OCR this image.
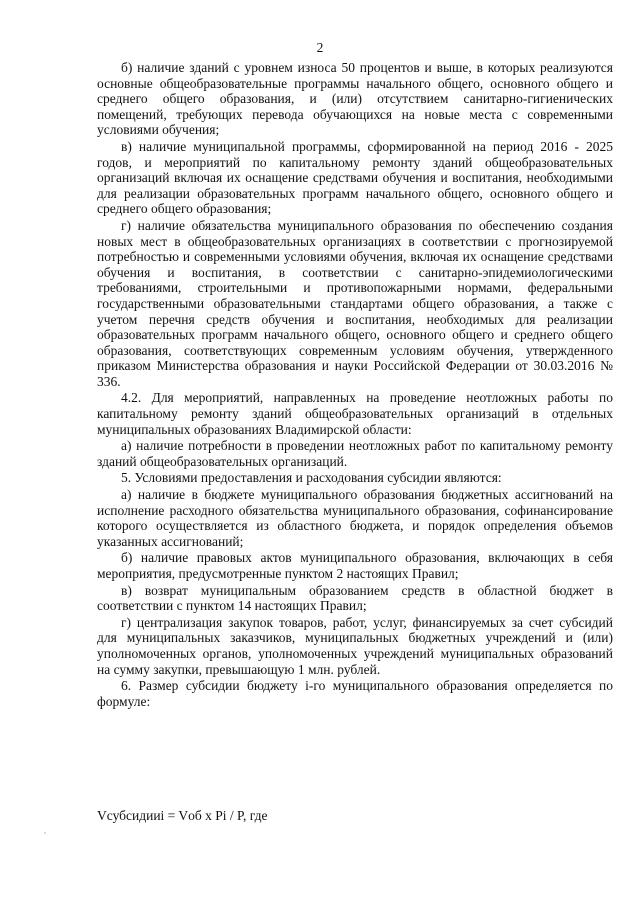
2

б) наличие зданий с уровнем износа 50 процентов и выше, в которых реализуются основные общеобразовательные программы начального общего, основного общего и среднего общего образования, и (или) отсутствием санитарно-гигиенических помещений, требующих перевода обучающихся на новые места с современными условиями обучения;

в) наличие муниципальной программы, сформированной на период 2016 - 2025 годов, и мероприятий по капитальному ремонту зданий общеобразовательных организаций включая их оснащение средствами обучения и воспитания, необходимыми для реализации образовательных программ начального общего, основного общего и среднего общего образования;

г) наличие обязательства муниципального образования по обеспечению создания новых мест в общеобразовательных организациях в соответствии с прогнозируемой потребностью и современными условиями обучения, включая их оснащение средствами обучения и воспитания, в соответствии с санитарно-эпидемиологическими требованиями, строительными и противопожарными нормами, федеральными государственными образовательными стандартами общего образования, а также с учетом перечня средств обучения и воспитания, необходимых для реализации образовательных программ начального общего, основного общего и среднего общего образования, соответствующих современным условиям обучения, утвержденного приказом Министерства образования и науки Российской Федерации от 30.03.2016 № 336.

4.2. Для мероприятий, направленных на проведение неотложных работы по капитальному ремонту зданий общеобразовательных организаций в отдельных муниципальных образованиях Владимирской области:

а) наличие потребности в проведении неотложных работ по капитальному ремонту зданий общеобразовательных организаций.

5. Условиями предоставления и расходования субсидии являются:

а) наличие в бюджете муниципального образования бюджетных ассигнований на исполнение расходного обязательства муниципального образования, софинансирование которого осуществляется из областного бюджета, и порядок определения объемов указанных ассигнований;

б) наличие правовых актов муниципального образования, включающих в себя мероприятия, предусмотренные пунктом 2 настоящих Правил;

в) возврат муниципальным образованием средств в областной бюджет в соответствии с пунктом 14 настоящих Правил;

г) централизация закупок товаров, работ, услуг, финансируемых за счет субсидий для муниципальных заказчиков, муниципальных бюджетных учреждений и (или) уполномоченных органов, уполномоченных учреждений муниципальных образований на сумму закупки, превышающую 1 млн. рублей.

6. Размер субсидии бюджету i-го муниципального образования определяется по формуле:

Vсубсидииi = Vоб x Pi / P, где
